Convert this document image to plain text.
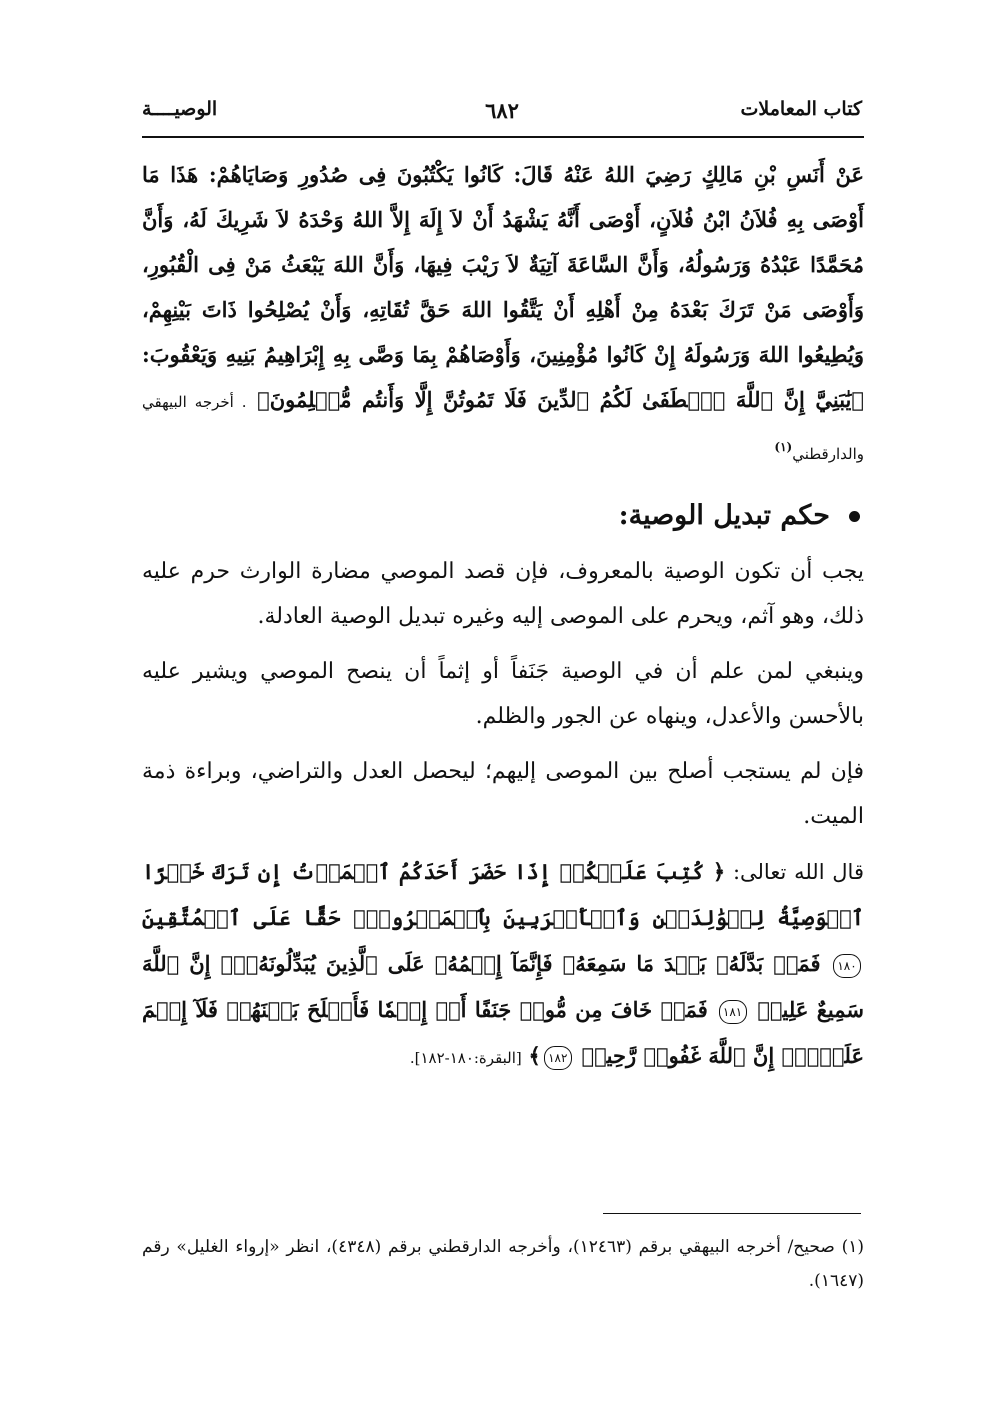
كتاب المعاملات
٦٨٢
الوصيــــة

عَنْ أَنَسِ بْنِ مَالِكٍ رَضِيَ اللهُ عَنْهُ قَالَ: كَانُوا يَكْتُبُونَ فِى صُدُورِ وَصَايَاهُمْ: هَذَا مَا أَوْصَى بِهِ فُلاَنُ ابْنُ فُلاَنٍ، أَوْصَى أَنَّهُ يَشْهَدُ أَنْ لاَ إِلَهَ إِلاَّ اللهُ وَحْدَهُ لاَ شَرِيكَ لَهُ، وَأَنَّ مُحَمَّدًا عَبْدُهُ وَرَسُولُهُ، وَأَنَّ السَّاعَةَ آتِيَةٌ لاَ رَيْبَ فِيهَا، وَأَنَّ اللهَ يَبْعَثُ مَنْ فِى الْقُبُورِ، وَأَوْصَى مَنْ تَرَكَ بَعْدَهُ مِنْ أَهْلِهِ أَنْ يَتَّقُوا اللهَ حَقَّ تُقَاتِهِ، وَأَنْ يُصْلِحُوا ذَاتَ بَيْنِهِمْ، وَيُطِيعُوا اللهَ وَرَسُولَهُ إِنْ كَانُوا مُؤْمِنِينَ، وَأَوْصَاهُمْ بِمَا وَصَّى بِهِ إِبْرَاهِيمُ بَنِيهِ وَيَعْقُوبَ: ﴿يَٰبَنِيَّ إِنَّ ٱللَّهَ ٱصۡطَفَىٰ لَكُمُ ٱلدِّينَ فَلَا تَمُوتُنَّ إِلَّا وَأَنتُم مُّسۡلِمُونَ﴾ . أخرجه البيهقي والدارقطني$^{(١)}$

حكم تبديل الوصية:

يجب أن تكون الوصية بالمعروف، فإن قصد الموصي مضارة الوارث حرم عليه ذلك، وهو آثم، ويحرم على الموصى إليه وغيره تبديل الوصية العادلة.

وينبغي لمن علم أن في الوصية جَنَفاً أو إثماً أن ينصح الموصي ويشير عليه بالأحسن والأعدل، وينهاه عن الجور والظلم.

فإن لم يستجب أصلح بين الموصى إليهم؛ ليحصل العدل والتراضي، وبراءة ذمة الميت.

قال الله تعالى: ﴿ كُتِبَ عَلَيۡكُمۡ إِذَا حَضَرَ أَحَدَكُمُ ٱلۡمَوۡتُ إِن تَرَكَ خَيۡرًا ٱلۡوَصِيَّةُ لِلۡوَٰلِدَيۡنِ وَٱلۡأَقۡرَبِينَ بِٱلۡمَعۡرُوفِۖ حَقًّا عَلَى ٱلۡمُتَّقِينَ ١٨٠ فَمَنۢ بَدَّلَهُۥ بَعۡدَ مَا سَمِعَهُۥ فَإِنَّمَآ إِثۡمُهُۥ عَلَى ٱلَّذِينَ يُبَدِّلُونَهُۥٓۚ إِنَّ ٱللَّهَ سَمِيعٌ عَلِيمٞ ١٨١ فَمَنۡ خَافَ مِن مُّوصٖ جَنَفًا أَوۡ إِثۡمٗا فَأَصۡلَحَ بَيۡنَهُمۡ فَلَآ إِثۡمَ عَلَيۡهِۚ إِنَّ ٱللَّهَ غَفُورٞ رَّحِيمٞ ١٨٢﴾ [البقرة:١٨٠-١٨٢].

(١) صحيح/ أخرجه البيهقي برقم (١٢٤٦٣)، وأخرجه الدارقطني برقم (٤٣٤٨)، انظر «إرواء الغليل» رقم (١٦٤٧).
